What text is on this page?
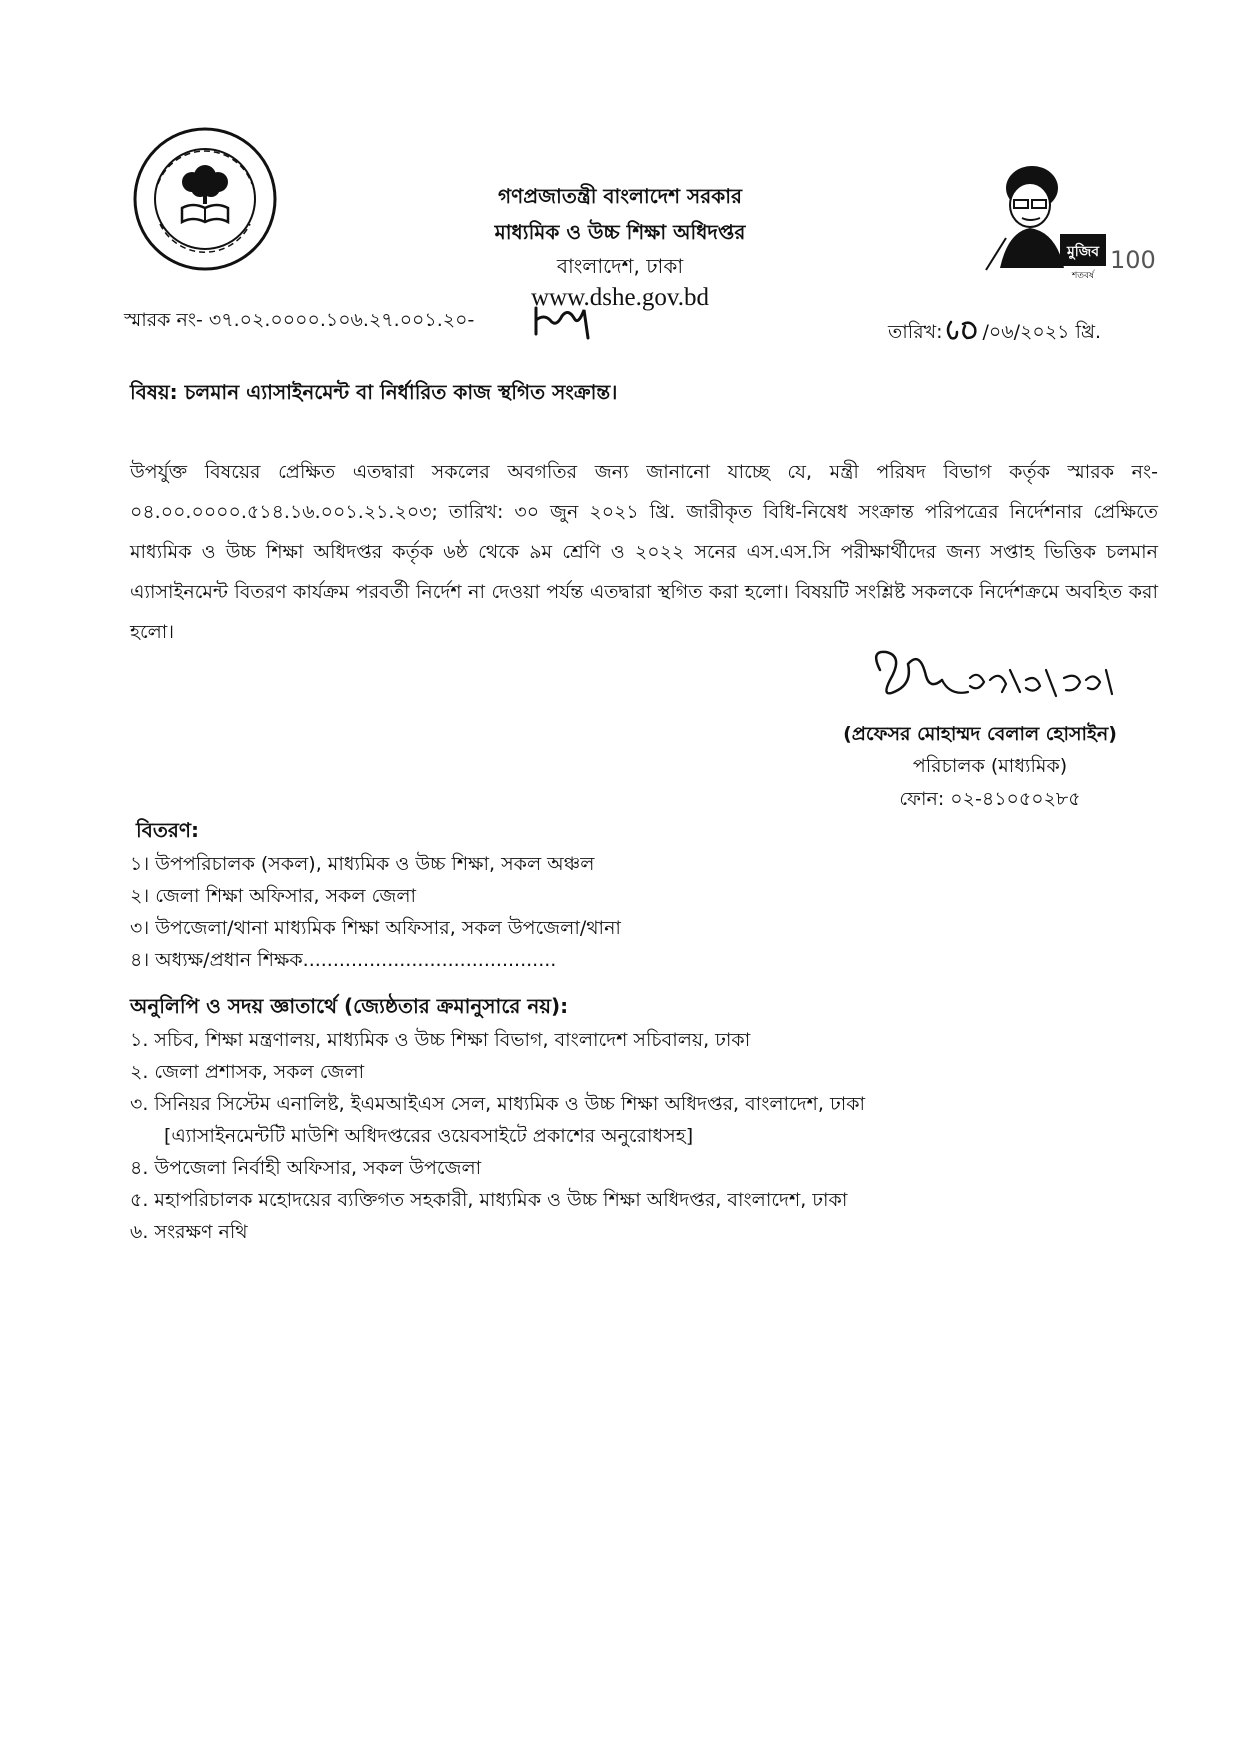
গণপ্রজাতন্ত্রী বাংলাদেশ সরকার
মাধ্যমিক ও উচ্চ শিক্ষা অধিদপ্তর
বাংলাদেশ, ঢাকা
www.dshe.gov.bd
মুজিব
শতবর্ষ
100
স্মারক নং- ৩৭.০২.০০০০.১০৬.২৭.০০১.২০-
তারিখ: /০৬/২০২১ খ্রি.
বিষয়: চলমান এ্যাসাইনমেন্ট বা নির্ধারিত কাজ স্থগিত সংক্রান্ত।
উপর্যুক্ত বিষয়ের প্রেক্ষিত এতদ্বারা সকলের অবগতির জন্য জানানো যাচ্ছে যে, মন্ত্রী পরিষদ বিভাগ কর্তৃক স্মারক নং- ০৪.০০.০০০০.৫১৪.১৬.০০১.২১.২০৩; তারিখ: ৩০ জুন ২০২১ খ্রি. জারীকৃত বিধি-নিষেধ সংক্রান্ত পরিপত্রের নির্দেশনার প্রেক্ষিতে মাধ্যমিক ও উচ্চ শিক্ষা অধিদপ্তর কর্তৃক ৬ষ্ঠ থেকে ৯ম শ্রেণি ও ২০২২ সনের এস.এস.সি পরীক্ষার্থীদের জন্য সপ্তাহ ভিত্তিক চলমান এ্যাসাইনমেন্ট বিতরণ কার্যক্রম পরবর্তী নির্দেশ না দেওয়া পর্যন্ত এতদ্বারা স্থগিত করা হলো। বিষয়টি সংশ্লিষ্ট সকলকে নির্দেশক্রমে অবহিত করা হলো।
(প্রফেসর মোহাম্মদ বেলাল হোসাইন)
পরিচালক (মাধ্যমিক)
ফোন: ০২-৪১০৫০২৮৫
বিতরণ:
১। উপপরিচালক (সকল), মাধ্যমিক ও উচ্চ শিক্ষা, সকল অঞ্চল
২। জেলা শিক্ষা অফিসার, সকল জেলা
৩। উপজেলা/থানা মাধ্যমিক শিক্ষা অফিসার, সকল উপজেলা/থানা
৪। অধ্যক্ষ/প্রধান শিক্ষক..........................................
অনুলিপি ও সদয় জ্ঞাতার্থে (জ্যেষ্ঠতার ক্রমানুসারে নয়):
১. সচিব, শিক্ষা মন্ত্রণালয়, মাধ্যমিক ও উচ্চ শিক্ষা বিভাগ, বাংলাদেশ সচিবালয়, ঢাকা
২. জেলা প্রশাসক, সকল জেলা
৩. সিনিয়র সিস্টেম এনালিষ্ট, ইএমআইএস সেল, মাধ্যমিক ও উচ্চ শিক্ষা অধিদপ্তর, বাংলাদেশ, ঢাকা
[এ্যাসাইনমেন্টটি মাউশি অধিদপ্তরের ওয়েবসাইটে প্রকাশের অনুরোধসহ]
৪. উপজেলা নির্বাহী অফিসার, সকল উপজেলা
৫. মহাপরিচালক মহোদয়ের ব্যক্তিগত সহকারী, মাধ্যমিক ও উচ্চ শিক্ষা অধিদপ্তর, বাংলাদেশ, ঢাকা
৬. সংরক্ষণ নথি
